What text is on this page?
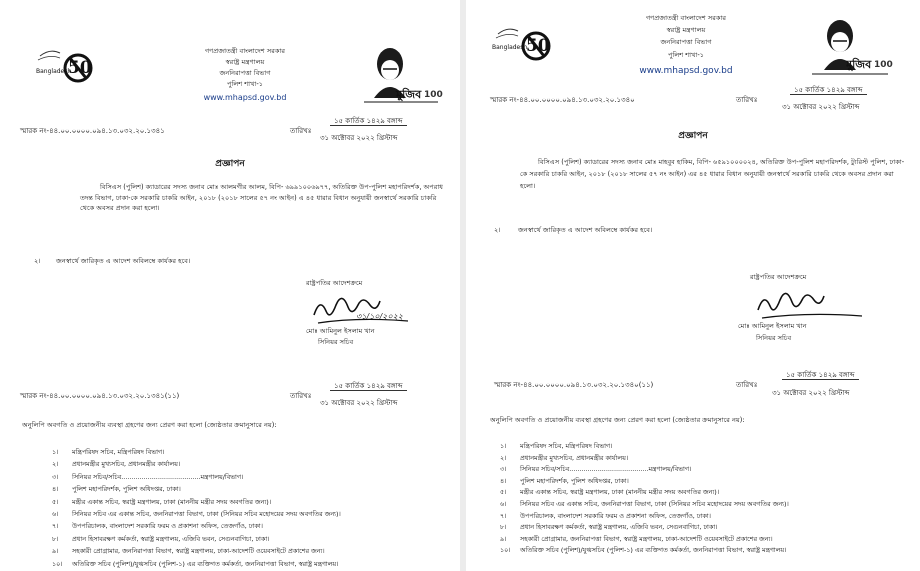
Bangladesh
50
গণপ্রজাতন্ত্রী বাংলাদেশ সরকার
স্বরাষ্ট্র মন্ত্রণালয়
জননিরাপত্তা বিভাগ
পুলিশ শাখা-১
www.mhapsd.gov.bd	মুজিব 100
স্মারক নং-৪৪.০০.০০০০.০৯৪.১৩.০৩২.২০.১৩৪১	তারিখঃ
১৫ কার্তিক ১৪২৯ বঙ্গাব্দ
৩১ অক্টোবর ২০২২ খ্রিস্টাব্দ
প্রজ্ঞাপন
বিসিএস (পুলিশ) ক্যাডারের সদস্য জনাব মোঃ আলমগীর আলম, বিপি- ৬৯৯১০০৬৯৭৭, অতিরিক্ত উপ-পুলিশ মহাপরিদর্শক, অপরাধ তদন্ত বিভাগ, ঢাকা-কে সরকারি চাকরি আইন, ২০১৮ (২০১৮ সালের ৫৭ নং আইন) এ ৪৫ ধারার বিধান অনুযায়ী জনস্বার্থে সরকারি চাকরি থেকে অবসর প্রদান করা হলো।
২। জনস্বার্থে জারিকৃত এ আদেশ অবিলম্বে কার্যকর হবে।
রাষ্ট্রপতির আদেশক্রমে
৩১/১০/২০২২
মোঃ আমিনুল ইসলাম খান
সিনিয়র সচিব
স্মারক নং-৪৪.০০.০০০০.০৯৪.১৩.০৩২.২০.১৩৪১(১১)	তারিখঃ
১৫ কার্তিক ১৪২৯ বঙ্গাব্দ
৩১ অক্টোবর ২০২২ খ্রিস্টাব্দ
অনুলিপি অবগতি ও প্রয়োজনীয় ব্যবস্থা গ্রহণের জন্য প্রেরণ করা হলো (জ্যেষ্ঠতার ক্রমানুসারে নয়):
১। মন্ত্রিপরিষদ সচিব, মন্ত্রিপরিষদ বিভাগ।
২। প্রধানমন্ত্রীর মুখ্যসচিব, প্রধানমন্ত্রীর কার্যালয়।
৩। সিনিয়র সচিব/সচিব.......................................মন্ত্রণালয়/বিভাগ।
৪। পুলিশ মহাপরিদর্শক, পুলিশ অধিদপ্তর, ঢাকা।
৫। মন্ত্রীর একান্ত সচিব, স্বরাষ্ট্র মন্ত্রণালয়, ঢাকা (মাননীয় মন্ত্রীর সদয় অবগতির জন্য)।
৬। সিনিয়র সচিব এর একান্ত সচিব, জননিরাপত্তা বিভাগ, ঢাকা (সিনিয়র সচিব মহোদয়ের সদয় অবগতির জন্য)।
৭। উপপরিচালক, বাংলাদেশ সরকারি ফরম ও প্রকাশনা অফিস, তেজগাঁও, ঢাকা।
৮। প্রধান হিসাবরক্ষণ কর্মকর্তা, স্বরাষ্ট্র মন্ত্রণালয়, এজিবি ভবন, সেগুনবাগিচা, ঢাকা।
৯। সহকারী প্রোগ্রামার, জননিরাপত্তা বিভাগ, স্বরাষ্ট্র মন্ত্রণালয়, ঢাকা-আদেশটি ওয়েবসাইটে প্রকাশের জন্য।
১০। অতিরিক্ত সচিব (পুলিশ)/যুগ্মসচিব (পুলিশ-১) এর ব্যক্তিগত কর্মকর্তা, জননিরাপত্তা বিভাগ, স্বরাষ্ট্র মন্ত্রণালয়।
Bangladesh
50
গণপ্রজাতন্ত্রী বাংলাদেশ সরকার
স্বরাষ্ট্র মন্ত্রণালয়
জননিরাপত্তা বিভাগ
পুলিশ শাখা-১
www.mhapsd.gov.bd	মুজিব 100
স্মারক নং-৪৪.০০.০০০০.০৯৪.১৩.০৩২.২০.১৩৪০	তারিখঃ
১৫ কার্তিক ১৪২৯ বঙ্গাব্দ
৩১ অক্টোবর ২০২২ খ্রিস্টাব্দ
প্রজ্ঞাপন
বিসিএস (পুলিশ) ক্যাডারের সদস্য জনাব মোঃ মাহবুব হাকিম, বিপি- ৬৫৯১০০০০২৪, অতিরিক্ত উপ-পুলিশ মহাপরিদর্শক, ট্যুরিস্ট পুলিশ, ঢাকা-কে সরকারি চাকরি আইন, ২০১৮ (২০১৮ সালের ৫৭ নং আইন) এর ৪৫ ধারার বিধান অনুযায়ী জনস্বার্থে সরকারি চাকরি থেকে অবসর প্রদান করা হলো।
২।	জনস্বার্থে জারিকৃত এ আদেশ অবিলম্বে কার্যকর হবে।
রাষ্ট্রপতির আদেশক্রমে
মোঃ আমিনুল ইসলাম খান
সিনিয়র সচিব
স্মারক নং-৪৪.০০.০০০০.০৯৪.১৩.০৩২.২০.১৩৪০(১১)	তারিখঃ
১৫ কার্তিক ১৪২৯ বঙ্গাব্দ
৩১ অক্টোবর ২০২২ খ্রিস্টাব্দ
অনুলিপি অবগতি ও প্রয়োজনীয় ব্যবস্থা গ্রহণের জন্য প্রেরণ করা হলো (জ্যেষ্ঠতার ক্রমানুসারে নয়):
১। মন্ত্রিপরিষদ সচিব, মন্ত্রিপরিষদ বিভাগ।
২। প্রধানমন্ত্রীর মুখ্যসচিব, প্রধানমন্ত্রীর কার্যালয়।
৩। সিনিয়র সচিব/সচিব.......................................মন্ত্রণালয়/বিভাগ।
৪। পুলিশ মহাপরিদর্শক, পুলিশ অধিদপ্তর, ঢাকা।
৫। মন্ত্রীর একান্ত সচিব, স্বরাষ্ট্র মন্ত্রণালয়, ঢাকা (মাননীয় মন্ত্রীর সদয় অবগতির জন্য)।
৬। সিনিয়র সচিব এর একান্ত সচিব, জননিরাপত্তা বিভাগ, ঢাকা (সিনিয়র সচিব মহোদয়ের সদয় অবগতির জন্য)।
৭। উপপরিচালক, বাংলাদেশ সরকারি ফরম ও প্রকাশনা অফিস, তেজগাঁও, ঢাকা।
৮। প্রধান হিসাবরক্ষণ কর্মকর্তা, স্বরাষ্ট্র মন্ত্রণালয়, এজিবি ভবন, সেগুনবাগিচা, ঢাকা।
৯। সহকারী প্রোগ্রামার, জননিরাপত্তা বিভাগ, স্বরাষ্ট্র মন্ত্রণালয়, ঢাকা-আদেশটি ওয়েবসাইটে প্রকাশের জন্য।
১০। অতিরিক্ত সচিব (পুলিশ)/যুগ্মসচিব (পুলিশ-১) এর ব্যক্তিগত কর্মকর্তা, জননিরাপত্তা বিভাগ, স্বরাষ্ট্র মন্ত্রণালয়।
